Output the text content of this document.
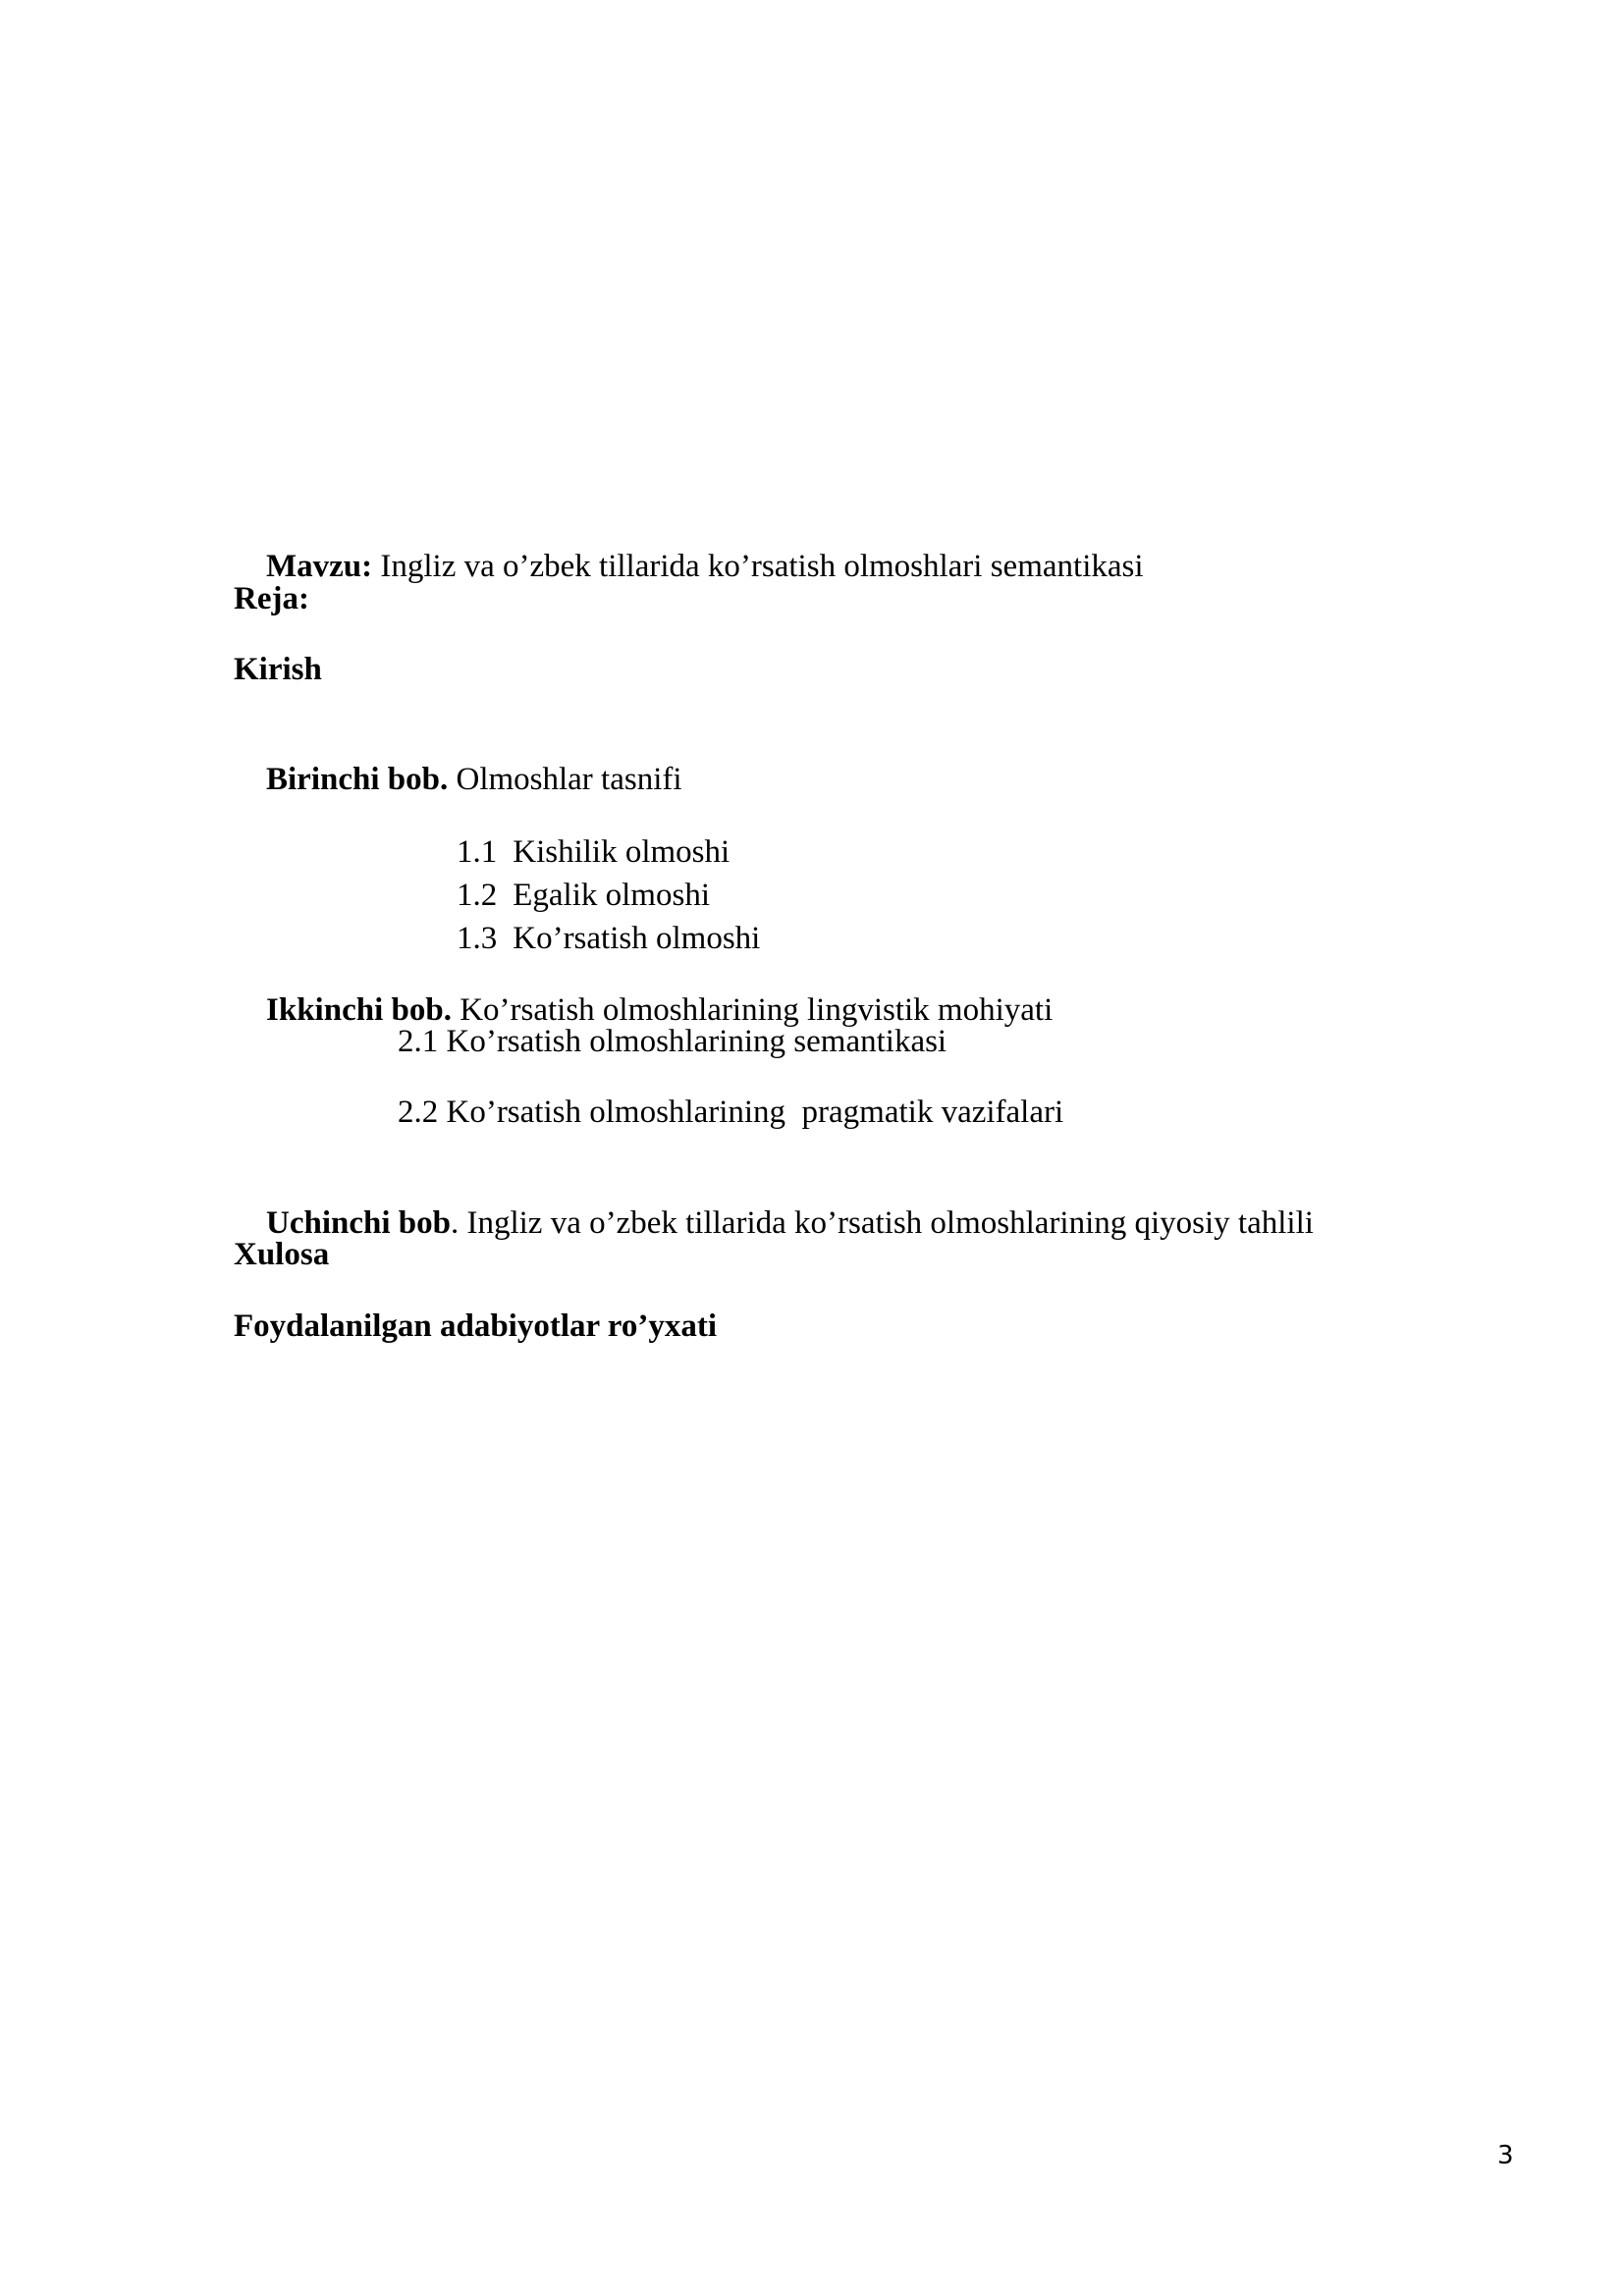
Mavzu: Ingliz va o’zbek tillarida ko’rsatish olmoshlari semantikasi

Reja:
Kirish

Birinchi bob. Olmoshlar tasnifi

1.1 Kishilik olmoshi

1.2 Egalik olmoshi

1.3 Ko’rsatish olmoshi

Ikkinchi bob. Ko’rsatish olmoshlarining lingvistik mohiyati

2.1 Ko’rsatish olmoshlarining semantikasi
2.2 Ko’rsatish olmoshlarining  pragmatik vazifalari

Uchinchi bob. Ingliz va o’zbek tillarida ko’rsatish olmoshlarining qiyosiy tahlili

Xulosa
Foydalanilgan adabiyotlar ro’yxati
3
